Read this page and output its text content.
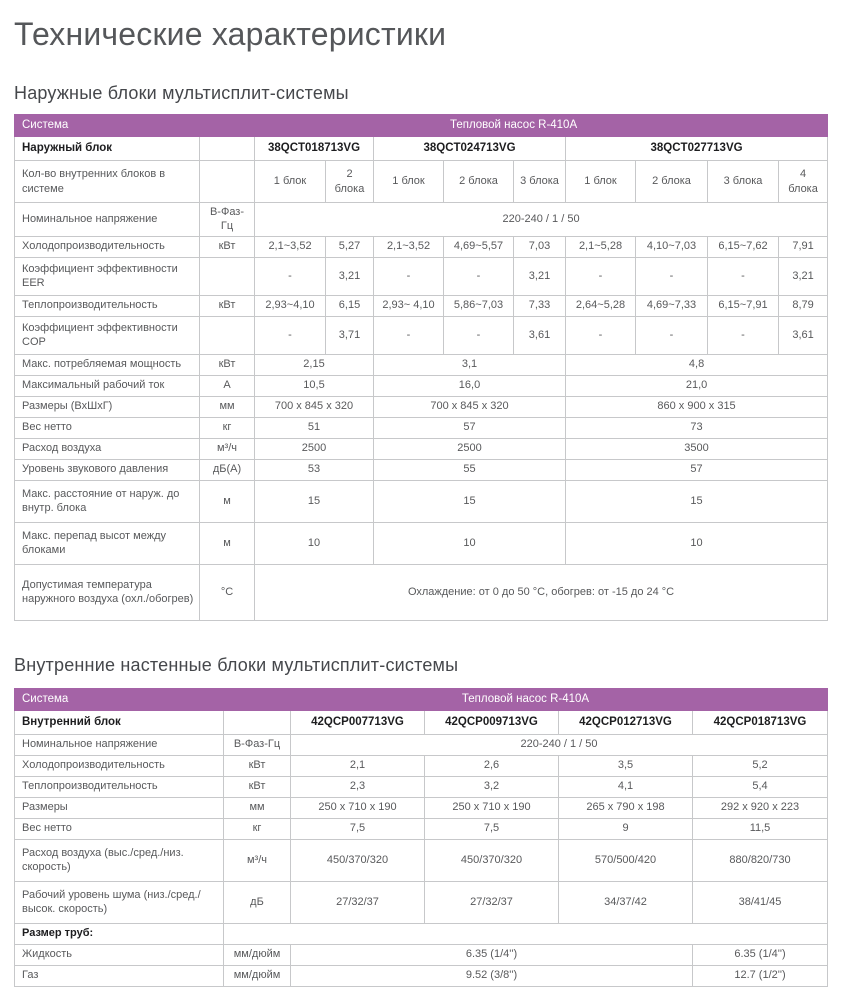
Технические характеристики
Наружные блоки мультисплит-системы
Система	Тепловой насос R-410A									
Наружный блок		38QCT018713VG		38QCT024713VG			38QCT027713VG			
Кол-во внутренних блоков в системе		1 блок	2 блока	1 блок	2 блока	3 блока	1 блок	2 блока	3 блока	4 блока
Номинальное напряжение	В-Фаз-Гц	220-240 / 1 / 50								
Холодопроизводительность	кВт	2,1~3,52	5,27	2,1~3,52	4,69~5,57	7,03	2,1~5,28	4,10~7,03	6,15~7,62	7,91
Коэффициент эффективности EER		-	3,21	-	-	3,21	-	-	-	3,21
Теплопроизводительность	кВт	2,93~4,10	6,15	2,93~ 4,10	5,86~7,03	7,33	2,64~5,28	4,69~7,33	6,15~7,91	8,79
Коэффициент эффективности COP		-	3,71	-	-	3,61	-	-	-	3,61
Макс. потребляемая мощность	кВт	2,15		3,1			4,8			
Максимальный рабочий ток	А	10,5		16,0			21,0			
Размеры (ВхШхГ)	мм	700 x 845 x 320		700 x 845 x 320			860 x 900 x 315			
Вес нетто	кг	51		57			73			
Расход воздуха	м³/ч	2500		2500			3500			
Уровень звукового давления	дБ(А)	53		55			57			
Макс. расстояние от наруж. до внутр. блока	м	15		15			15			
Макс. перепад высот между блоками	м	10		10			10			
Допустимая температура наружного воздуха (охл./обогрев)	°С	Охлаждение: от 0 до 50 °С, обогрев: от -15 до 24 °С								
Внутренние настенные блоки мультисплит-системы
Система	Тепловой насос R-410A				
Внутренний блок		42QCP007713VG	42QCP009713VG	42QCP012713VG	42QCP018713VG
Номинальное напряжение	В-Фаз-Гц	220-240 / 1 / 50			
Холодопроизводительность	кВт	2,1	2,6	3,5	5,2
Теплопроизводительность	кВт	2,3	3,2	4,1	5,4
Размеры	мм	250 x 710 x 190	250 x 710 x 190	265 x 790 x 198	292 x 920 x 223
Вес нетто	кг	7,5	7,5	9	11,5
Расход воздуха (выс./сред./низ. скорость)	м³/ч	450/370/320	450/370/320	570/500/420	880/820/730
Рабочий уровень шума (низ./сред./высок. скорость)	дБ	27/32/37	27/32/37	34/37/42	38/41/45
Размер труб:					
Жидкость	мм/дюйм	6.35 (1/4'')			6.35 (1/4'')
Газ	мм/дюйм	9.52 (3/8'')			12.7 (1/2'')
